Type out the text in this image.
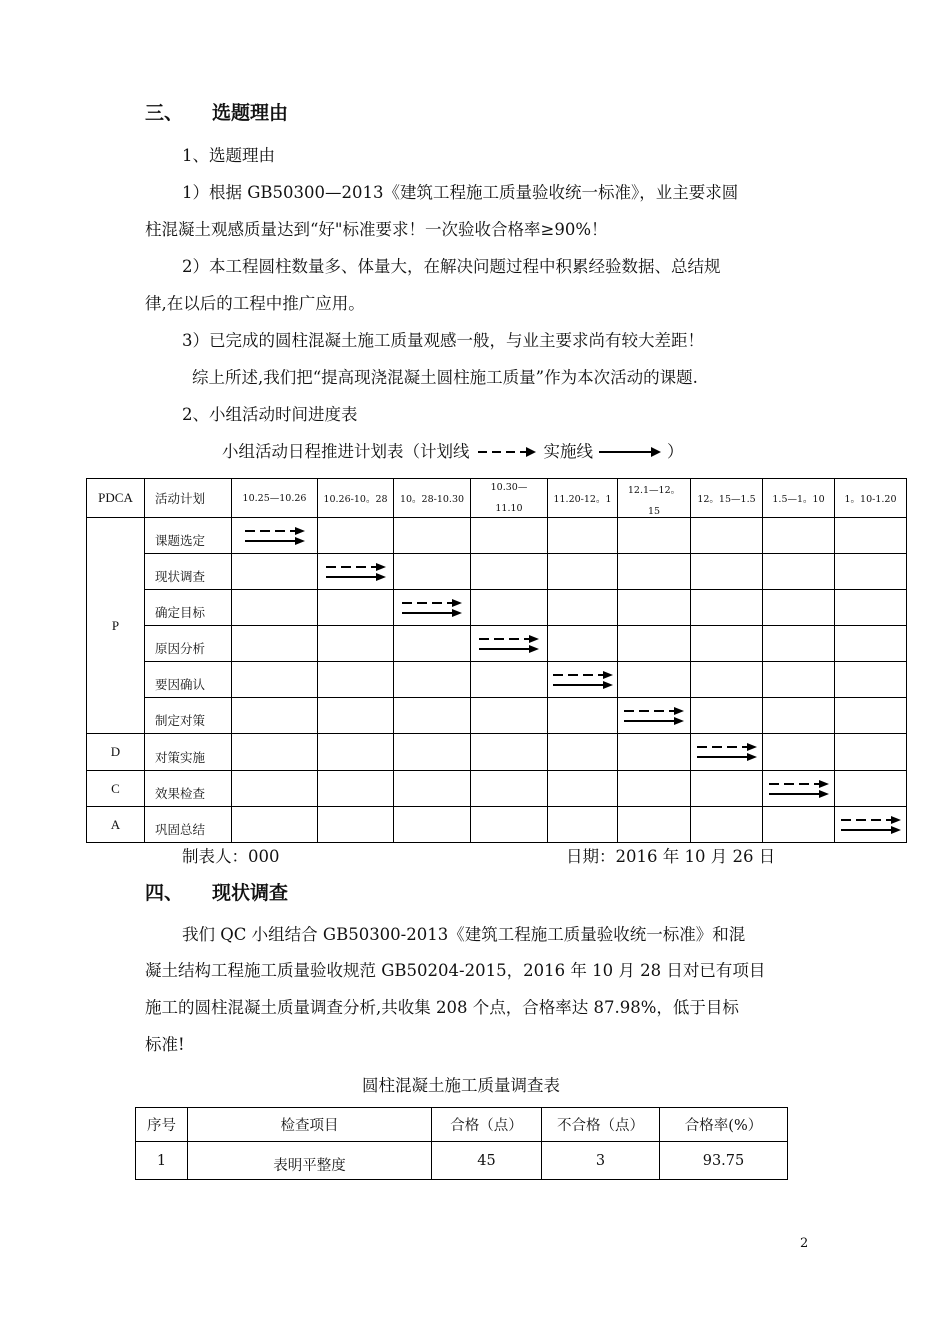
三、 选题理由
1、选题理由
1）根据 GB50300—2013《建筑工程施工质量验收统一标准》，业主要求圆
柱混凝土观感质量达到“好"标准要求！一次验收合格率≥90%！
2）本工程圆柱数量多、体量大，在解决问题过程中积累经验数据、总结规
律,在以后的工程中推广应用。
3）已完成的圆柱混凝土施工质量观感一般，与业主要求尚有较大差距！
综上所述,我们把“提高现浇混凝土圆柱施工质量”作为本次活动的课题.
2、小组活动时间进度表
小组活动日程推进计划表（计划线	实施线	）
PDCA	活动计划	10.25—10.26	10.26-10。28	10。28-10.30	10.30—
11.10	11.20-12。1	12.1—12。
15	12。15—1.5	1.5—1。10	1。10-1.20
P	课题选定	

	现状调查		

	确定目标			

	原因分析				

	要因确认					

	制定对策						

D	对策实施							

C	效果检查								

A	巩固总结									
制表人：000	日期：2016 年 10 月 26 日
四、 现状调查
我们 QC 小组结合 GB50300-2013《建筑工程施工质量验收统一标准》和混
凝土结构工程施工质量验收规范 GB50204-2015，2016 年 10 月 28 日对已有项目
施工的圆柱混凝土质量调查分析,共收集 208 个点，合格率达 87.98%，低于目标
标准!
圆柱混凝土施工质量调查表
序号	检查项目	合格（点）	不合格（点）	合格率(%）
1	表明平整度	45	3	93.75
2
